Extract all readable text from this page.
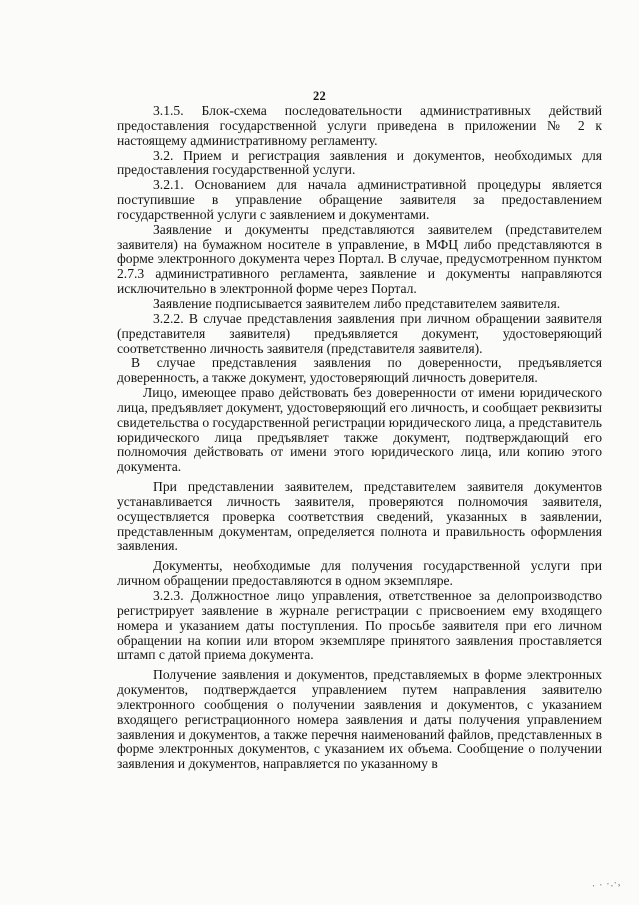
22

3.1.5. Блок-схема последовательности административных действий предоставления государственной услуги приведена в приложении № 2 к настоящему административному регламенту.

3.2. Прием и регистрация заявления и документов, необходимых для предоставления государственной услуги.

3.2.1. Основанием для начала административной процедуры является поступившие в управление обращение заявителя за предоставлением государственной услуги с заявлением и документами.

Заявление и документы представляются заявителем (представителем заявителя) на бумажном носителе в управление, в МФЦ либо представляются в форме электронного документа через Портал. В случае, предусмотренном пунктом 2.7.3 административного регламента, заявление и документы направляются исключительно в электронной форме через Портал.

Заявление подписывается заявителем либо представителем заявителя.

3.2.2. В случае представления заявления при личном обращении заявителя (представителя заявителя) предъявляется документ, удостоверяющий соответственно личность заявителя (представителя заявителя).

В случае представления заявления по доверенности, предъявляется доверенность, а также документ, удостоверяющий личность доверителя.

Лицо, имеющее право действовать без доверенности от имени юридического лица, предъявляет документ, удостоверяющий его личность, и сообщает реквизиты свидетельства о государственной регистрации юридического лица, а представитель юридического лица предъявляет также документ, подтверждающий его полномочия действовать от имени этого юридического лица, или копию этого документа.

При представлении заявителем, представителем заявителя документов устанавливается личность заявителя, проверяются полномочия заявителя, осуществляется проверка соответствия сведений, указанных в заявлении, представленным документам, определяется полнота и правильность оформления заявления.

Документы, необходимые для получения государственной услуги при личном обращении предоставляются в одном экземпляре.

3.2.3. Должностное лицо управления, ответственное за делопроизводство регистрирует заявление в журнале регистрации с присвоением ему входящего номера и указанием даты поступления. По просьбе заявителя при его личном обращении на копии или втором экземпляре принятого заявления проставляется штамп с датой приема документа.

Получение заявления и документов, представляемых в форме электронных документов, подтверждается управлением путем направления заявителю электронного сообщения о получении заявления и документов, с указанием входящего регистрационного номера заявления и даты получения управлением заявления и документов, а также перечня наименований файлов, представленных в форме электронных документов, с указанием их объема. Сообщение о получении заявления и документов, направляется по указанному в

· · ·.·,
